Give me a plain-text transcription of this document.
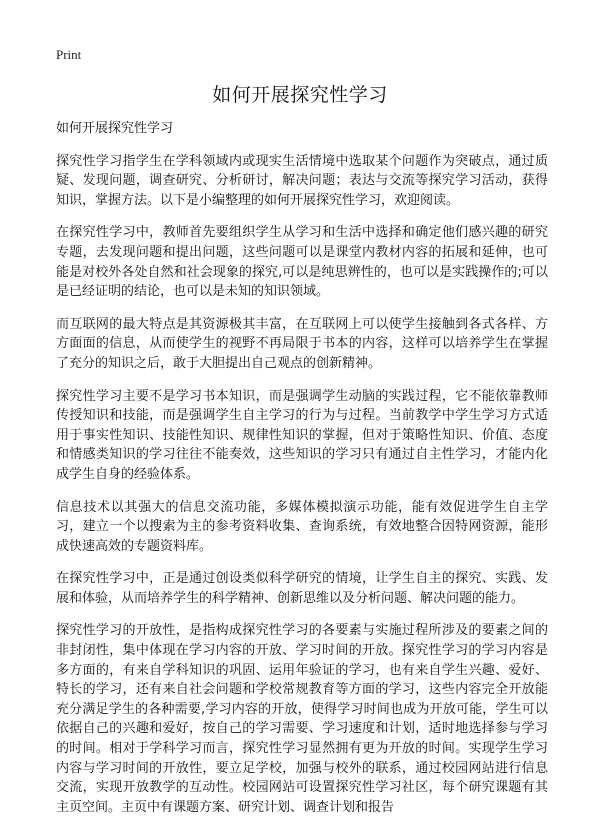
Print
如何开展探究性学习

如何开展探究性学习

探究性学习指学生在学科领域内或现实生活情境中选取某个问题作为突破点，通过质疑、发现问题，调查研究、分析研讨，解决问题；表达与交流等探究学习活动，获得知识，掌握方法。以下是小编整理的如何开展探究性学习，欢迎阅读。

在探究性学习中，教师首先要组织学生从学习和生活中选择和确定他们感兴趣的研究专题，去发现问题和提出问题，这些问题可以是课堂内教材内容的拓展和延伸，也可能是对校外各处自然和社会现象的探究,可以是纯思辨性的，也可以是实践操作的;可以是已经证明的结论，也可以是未知的知识领域。

而互联网的最大特点是其资源极其丰富，在互联网上可以使学生接触到各式各样、方方面面的信息，从而使学生的视野不再局限于书本的内容，这样可以培养学生在掌握了充分的知识之后，敢于大胆提出自己观点的创新精神。

探究性学习主要不是学习书本知识，而是强调学生动脑的实践过程，它不能依靠教师传授知识和技能，而是强调学生自主学习的行为与过程。当前教学中学生学习方式适用于事实性知识、技能性知识、规律性知识的掌握，但对于策略性知识、价值、态度和情感类知识的学习往往不能奏效，这些知识的学习只有通过自主性学习，才能内化成学生自身的经验体系。

信息技术以其强大的信息交流功能，多媒体模拟演示功能，能有效促进学生自主学习，建立一个以搜索为主的参考资料收集、查询系统，有效地整合因特网资源，能形成快速高效的专题资料库。

在探究性学习中，正是通过创设类似科学研究的情境，让学生自主的探究、实践、发展和体验，从而培养学生的科学精神、创新思维以及分析问题、解决问题的能力。

探究性学习的开放性，是指构成探究性学习的各要素与实施过程所涉及的要素之间的非封闭性，集中体现在学习内容的开放、学习时间的开放。探究性学习的学习内容是多方面的，有来自学科知识的巩固、运用年验证的学习，也有来自学生兴趣、爱好、特长的学习，还有来自社会问题和学校常规教育等方面的学习，这些内容完全开放能充分满足学生的各种需要,学习内容的开放，使得学习时间也成为开放可能，学生可以依据自己的兴趣和爱好，按自己的学习需要、学习速度和计划，适时地选择参与学习的时间。相对于学科学习而言，探究性学习显然拥有更为开放的时间。实现学生学习内容与学习时间的开放性，要立足学校，加强与校外的联系，通过校园网站进行信息交流，实现开放教学的互动性。校园网站可设置探究性学习社区，每个研究课题有其主页空间。主页中有课题方案、研究计划、调查计划和报告
